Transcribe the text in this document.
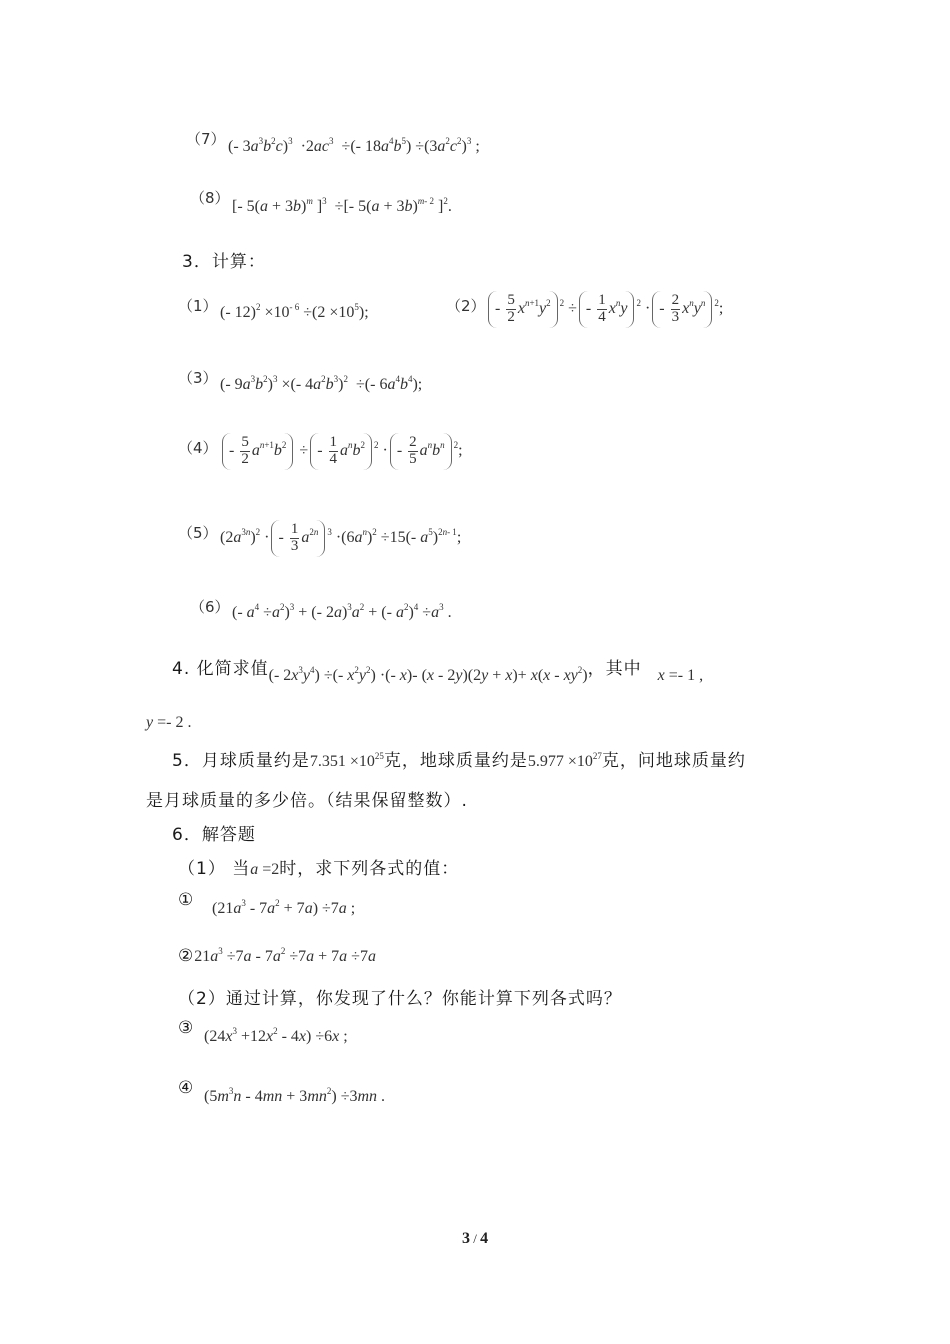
（7） (- $3a^3b^2c)^3 \cdot 2ac^3$  ÷(- $18a^4b^5) \div(3a^2c^2)^3$ ;
（8） [- $5(a + 3b)^m$ ]$^3$  ÷[- $5(a + 3b)^{m- 2}$ ]$^2$.
3．计算：
（1） (- $12)^2 \times 10^{- 6} \div(2 \times 10^5)$;	$(2) - \frac{5}{2} x^{n+1}y^2$ $^2$ ÷ - $\frac{1}{4} x^ny$ $^2$ · - $\frac{2}{3} x^ny^n$ $^2$;
（3） (- $9a^3b^2)^3$ ×(- $4a^2b^3)^2$  ÷(- $6a^4b^4$);
$(4) - \frac{5}{2} a^{n+1}b^2$ ÷ - $\frac{1}{4} a^nb^2$ $^2$ · - $\frac{2}{5} a^nb^n$ $^2$;
（5） $(2a^{3n})^2$ · - $\frac{1}{3} a^{2n}$ $^3 \cdot(6a^n)^2 \div 15(-$ $a^5)^{2n- 1}$;
（6） (- $a^4 \div a^2)^3$ + (- $2a)^3a^2$ + (- $a^2)^4 \div a^3$ .
4. 化简求值(- $2x^3y^4$) ÷(- $x^2y^2$) ·(- x)- $(x - 2y)(2y + x)+ x(x - xy^2)$，其中 x =- 1 ,
y =- 2 .
5．月球质量约是$7.351 \times 10^{25}$克，地球质量约是$5.977 \times 10^{27}$克，问地球质量约
是月球质量的多少倍。（结果保留整数）.
6．解答题
（1） 当a =2时，求下列各式的值：
① $(21a^3 - 7a^2 + 7a) \div 7a$ ;
$②21a^3 \div 7a - 7a^2 \div 7a + 7a \div 7a$
（2）通过计算，你发现了什么？你能计算下列各式吗？
③ $(24x^3 +12x^2 - 4x) \div 6x$ ;
④ $(5m^3n - 4mn + 3mn^2) \div 3mn$ .
3 / 4
